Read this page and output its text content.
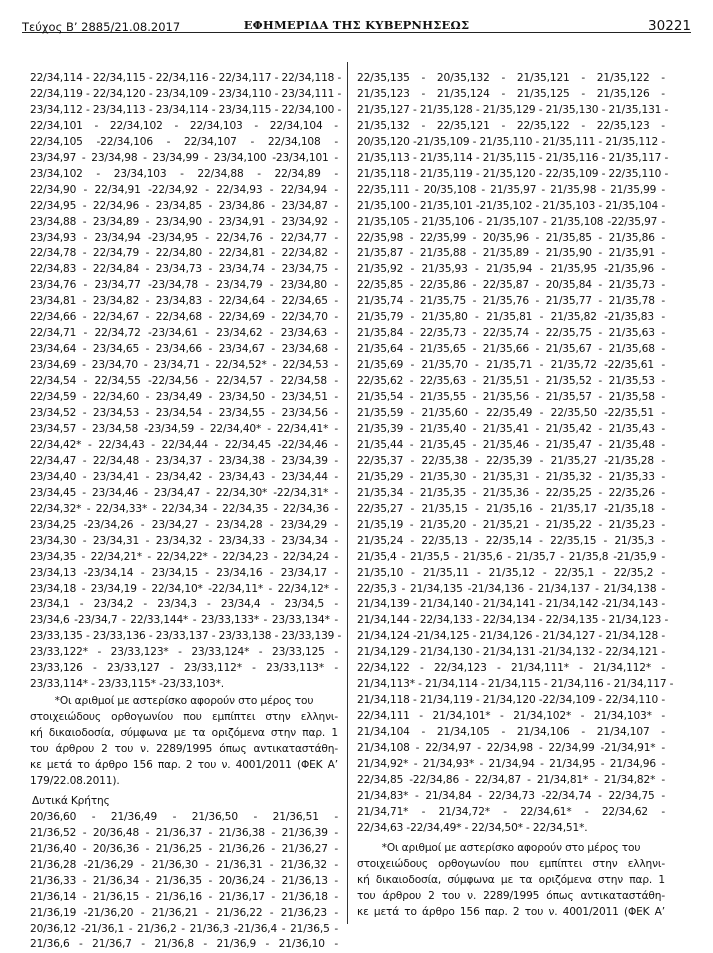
Τεύχος Β’ 2885/21.08.2017	ΕΦΗΜΕΡΙΔΑ ΤΗΣ ΚΥΒΕΡΝΗΣΕΩΣ	30221
22/34,114 - 22/34,115 - 22/34,116 - 22/34,117 - 22/34,118 -
22/34,119 - 22/34,120 - 23/34,109 - 23/34,110 - 23/34,111 -
23/34,112 - 23/34,113 - 23/34,114 - 23/34,115 - 22/34,100 -
22/34,101 - 22/34,102 - 22/34,103 - 22/34,104 -
22/34,105 -22/34,106 - 22/34,107 - 22/34,108 -
23/34,97 - 23/34,98 - 23/34,99 - 23/34,100 -23/34,101 -
23/34,102 - 23/34,103 - 22/34,88 - 22/34,89 -
22/34,90 - 22/34,91 -22/34,92 - 22/34,93 - 22/34,94 -
22/34,95 - 22/34,96 - 23/34,85 - 23/34,86 - 23/34,87 -
23/34,88 - 23/34,89 - 23/34,90 - 23/34,91 - 23/34,92 -
23/34,93 - 23/34,94 -23/34,95 - 22/34,76 - 22/34,77 -
22/34,78 - 22/34,79 - 22/34,80 - 22/34,81 - 22/34,82 -
22/34,83 - 22/34,84 - 23/34,73 - 23/34,74 - 23/34,75 -
23/34,76 - 23/34,77 -23/34,78 - 23/34,79 - 23/34,80 -
23/34,81 - 23/34,82 - 23/34,83 - 22/34,64 - 22/34,65 -
22/34,66 - 22/34,67 - 22/34,68 - 22/34,69 - 22/34,70 -
22/34,71 - 22/34,72 -23/34,61 - 23/34,62 - 23/34,63 -
23/34,64 - 23/34,65 - 23/34,66 - 23/34,67 - 23/34,68 -
23/34,69 - 23/34,70 - 23/34,71 - 22/34,52* - 22/34,53 -
22/34,54 - 22/34,55 -22/34,56 - 22/34,57 - 22/34,58 -
22/34,59 - 22/34,60 - 23/34,49 - 23/34,50 - 23/34,51 -
23/34,52 - 23/34,53 - 23/34,54 - 23/34,55 - 23/34,56 -
23/34,57 - 23/34,58 -23/34,59 - 22/34,40* - 22/34,41* -
22/34,42* - 22/34,43 - 22/34,44 - 22/34,45 -22/34,46 -
22/34,47 - 22/34,48 - 23/34,37 - 23/34,38 - 23/34,39 -
23/34,40 - 23/34,41 - 23/34,42 - 23/34,43 - 23/34,44 -
23/34,45 - 23/34,46 - 23/34,47 - 22/34,30* -22/34,31* -
22/34,32* - 22/34,33* - 22/34,34 - 22/34,35 - 22/34,36 -
23/34,25 -23/34,26 - 23/34,27 - 23/34,28 - 23/34,29 -
23/34,30 - 23/34,31 - 23/34,32 - 23/34,33 - 23/34,34 -
23/34,35 - 22/34,21* - 22/34,22* - 22/34,23 - 22/34,24 -
23/34,13 -23/34,14 - 23/34,15 - 23/34,16 - 23/34,17 -
23/34,18 - 23/34,19 - 22/34,10* -22/34,11* - 22/34,12* -
23/34,1 - 23/34,2 - 23/34,3 - 23/34,4 - 23/34,5 -
23/34,6 -23/34,7 - 22/33,144* - 23/33,133* - 23/33,134* -
23/33,135 - 23/33,136 - 23/33,137 - 23/33,138 - 23/33,139 -
23/33,122* - 23/33,123* - 23/33,124* - 23/33,125 -
23/33,126 - 23/33,127 - 23/33,112* - 23/33,113* -
23/33,114* - 23/33,115* -23/33,103*.
*Οι αριθμοί με αστερίσκο αφορούν στο μέρος του
στοιχειώδους ορθογωνίου που εμπίπτει στην ελληνι-
κή δικαιοδοσία, σύμφωνα με τα οριζόμενα στην παρ. 1
του άρθρου 2 του ν. 2289/1995 όπως αντικαταστάθη-
κε μετά το άρθρο 156 παρ. 2 του ν. 4001/2011 (ΦΕΚ Α’
179/22.08.2011).
Δυτικά Κρήτης
20/36,60 - 21/36,49 - 21/36,50 - 21/36,51 -
21/36,52 - 20/36,48 - 21/36,37 - 21/36,38 - 21/36,39 -
21/36,40 - 20/36,36 - 21/36,25 - 21/36,26 - 21/36,27 -
21/36,28 -21/36,29 - 21/36,30 - 21/36,31 - 21/36,32 -
21/36,33 - 21/36,34 - 21/36,35 - 20/36,24 - 21/36,13 -
21/36,14 - 21/36,15 - 21/36,16 - 21/36,17 - 21/36,18 -
21/36,19 -21/36,20 - 21/36,21 - 21/36,22 - 21/36,23 -
20/36,12 -21/36,1 - 21/36,2 - 21/36,3 -21/36,4 - 21/36,5 -
21/36,6 - 21/36,7 - 21/36,8 - 21/36,9 - 21/36,10 -
22/35,135 - 20/35,132 - 21/35,121 - 21/35,122 -
21/35,123 - 21/35,124 - 21/35,125 - 21/35,126 -
21/35,127 - 21/35,128 - 21/35,129 - 21/35,130 - 21/35,131 -
21/35,132 - 22/35,121 - 22/35,122 - 22/35,123 -
20/35,120 -21/35,109 - 21/35,110 - 21/35,111 - 21/35,112 -
21/35,113 - 21/35,114 - 21/35,115 - 21/35,116 - 21/35,117 -
21/35,118 - 21/35,119 - 21/35,120 - 22/35,109 - 22/35,110 -
22/35,111 - 20/35,108 - 21/35,97 - 21/35,98 - 21/35,99 -
21/35,100 - 21/35,101 -21/35,102 - 21/35,103 - 21/35,104 -
21/35,105 - 21/35,106 - 21/35,107 - 21/35,108 -22/35,97 -
22/35,98 - 22/35,99 - 20/35,96 - 21/35,85 - 21/35,86 -
21/35,87 - 21/35,88 - 21/35,89 - 21/35,90 - 21/35,91 -
21/35,92 - 21/35,93 - 21/35,94 - 21/35,95 -21/35,96 -
22/35,85 - 22/35,86 - 22/35,87 - 20/35,84 - 21/35,73 -
21/35,74 - 21/35,75 - 21/35,76 - 21/35,77 - 21/35,78 -
21/35,79 - 21/35,80 - 21/35,81 - 21/35,82 -21/35,83 -
21/35,84 - 22/35,73 - 22/35,74 - 22/35,75 - 21/35,63 -
21/35,64 - 21/35,65 - 21/35,66 - 21/35,67 - 21/35,68 -
21/35,69 - 21/35,70 - 21/35,71 - 21/35,72 -22/35,61 -
22/35,62 - 22/35,63 - 21/35,51 - 21/35,52 - 21/35,53 -
21/35,54 - 21/35,55 - 21/35,56 - 21/35,57 - 21/35,58 -
21/35,59 - 21/35,60 - 22/35,49 - 22/35,50 -22/35,51 -
21/35,39 - 21/35,40 - 21/35,41 - 21/35,42 - 21/35,43 -
21/35,44 - 21/35,45 - 21/35,46 - 21/35,47 - 21/35,48 -
22/35,37 - 22/35,38 - 22/35,39 - 21/35,27 -21/35,28 -
21/35,29 - 21/35,30 - 21/35,31 - 21/35,32 - 21/35,33 -
21/35,34 - 21/35,35 - 21/35,36 - 22/35,25 - 22/35,26 -
22/35,27 - 21/35,15 - 21/35,16 - 21/35,17 -21/35,18 -
21/35,19 - 21/35,20 - 21/35,21 - 21/35,22 - 21/35,23 -
21/35,24 - 22/35,13 - 22/35,14 - 22/35,15 - 21/35,3 -
21/35,4 - 21/35,5 - 21/35,6 - 21/35,7 - 21/35,8 -21/35,9 -
21/35,10 - 21/35,11 - 21/35,12 - 22/35,1 - 22/35,2 -
22/35,3 - 21/34,135 -21/34,136 - 21/34,137 - 21/34,138 -
21/34,139 - 21/34,140 - 21/34,141 - 21/34,142 -21/34,143 -
21/34,144 - 22/34,133 - 22/34,134 - 22/34,135 - 21/34,123 -
21/34,124 -21/34,125 - 21/34,126 - 21/34,127 - 21/34,128 -
21/34,129 - 21/34,130 - 21/34,131 -21/34,132 - 22/34,121 -
22/34,122 - 22/34,123 - 21/34,111* - 21/34,112* -
21/34,113* - 21/34,114 - 21/34,115 - 21/34,116 - 21/34,117 -
21/34,118 - 21/34,119 - 21/34,120 -22/34,109 - 22/34,110 -
22/34,111 - 21/34,101* - 21/34,102* - 21/34,103* -
21/34,104 - 21/34,105 - 21/34,106 - 21/34,107 -
21/34,108 - 22/34,97 - 22/34,98 - 22/34,99 -21/34,91* -
21/34,92* - 21/34,93* - 21/34,94 - 21/34,95 - 21/34,96 -
22/34,85 -22/34,86 - 22/34,87 - 21/34,81* - 21/34,82* -
21/34,83* - 21/34,84 - 22/34,73 -22/34,74 - 22/34,75 -
21/34,71* - 21/34,72* - 22/34,61* - 22/34,62 -
22/34,63 -22/34,49* - 22/34,50* - 22/34,51*.
*Οι αριθμοί με αστερίσκο αφορούν στο μέρος του
στοιχειώδους ορθογωνίου που εμπίπτει στην ελληνι-
κή δικαιοδοσία, σύμφωνα με τα οριζόμενα στην παρ. 1
του άρθρου 2 του ν. 2289/1995 όπως αντικαταστάθη-
κε μετά το άρθρο 156 παρ. 2 του ν. 4001/2011 (ΦΕΚ Α’
